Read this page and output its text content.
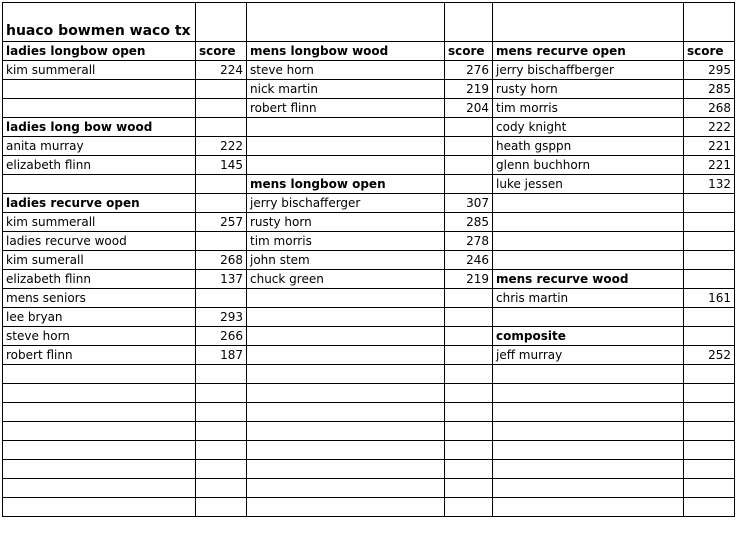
huaco bowmen waco tx					
ladies longbow open	score	mens longbow wood	score	mens recurve open	score
kim summerall	224	steve horn	276	jerry bischaffberger	295
		nick martin	219	rusty horn	285
		robert flinn	204	tim morris	268
ladies long bow wood				cody knight	222
anita murray	222			heath gsppn	221
elizabeth flinn	145			glenn buchhorn	221
		mens longbow open		luke jessen	132
ladies recurve open		jerry bischafferger	307		
kim summerall	257	rusty horn	285		
ladies recurve wood		tim morris	278		
kim sumerall	268	john stem	246		
elizabeth flinn	137	chuck green	219	mens recurve wood	
mens seniors				chris martin	161
lee bryan	293				
steve horn	266			composite	
robert flinn	187			jeff murray	252
